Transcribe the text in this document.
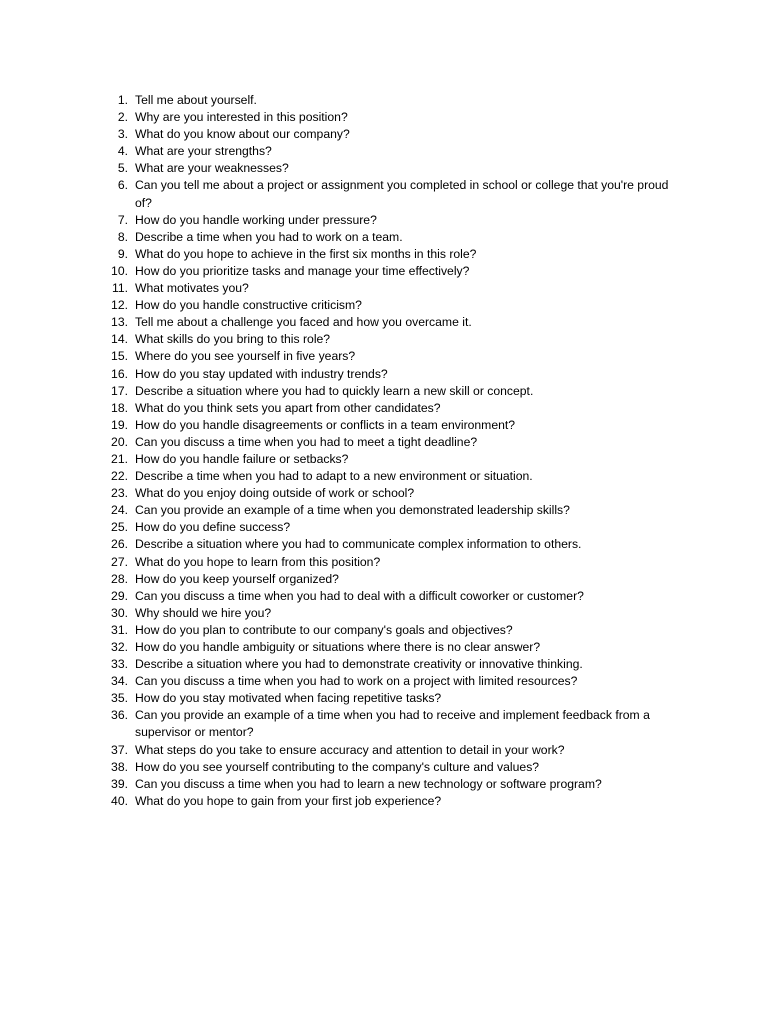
1. Tell me about yourself.
2. Why are you interested in this position?
3. What do you know about our company?
4. What are your strengths?
5. What are your weaknesses?
6. Can you tell me about a project or assignment you completed in school or college that you're proud of?
7. How do you handle working under pressure?
8. Describe a time when you had to work on a team.
9. What do you hope to achieve in the first six months in this role?
10. How do you prioritize tasks and manage your time effectively?
11. What motivates you?
12. How do you handle constructive criticism?
13. Tell me about a challenge you faced and how you overcame it.
14. What skills do you bring to this role?
15. Where do you see yourself in five years?
16. How do you stay updated with industry trends?
17. Describe a situation where you had to quickly learn a new skill or concept.
18. What do you think sets you apart from other candidates?
19. How do you handle disagreements or conflicts in a team environment?
20. Can you discuss a time when you had to meet a tight deadline?
21. How do you handle failure or setbacks?
22. Describe a time when you had to adapt to a new environment or situation.
23. What do you enjoy doing outside of work or school?
24. Can you provide an example of a time when you demonstrated leadership skills?
25. How do you define success?
26. Describe a situation where you had to communicate complex information to others.
27. What do you hope to learn from this position?
28. How do you keep yourself organized?
29. Can you discuss a time when you had to deal with a difficult coworker or customer?
30. Why should we hire you?
31. How do you plan to contribute to our company's goals and objectives?
32. How do you handle ambiguity or situations where there is no clear answer?
33. Describe a situation where you had to demonstrate creativity or innovative thinking.
34. Can you discuss a time when you had to work on a project with limited resources?
35. How do you stay motivated when facing repetitive tasks?
36. Can you provide an example of a time when you had to receive and implement feedback from a supervisor or mentor?
37. What steps do you take to ensure accuracy and attention to detail in your work?
38. How do you see yourself contributing to the company's culture and values?
39. Can you discuss a time when you had to learn a new technology or software program?
40. What do you hope to gain from your first job experience?
